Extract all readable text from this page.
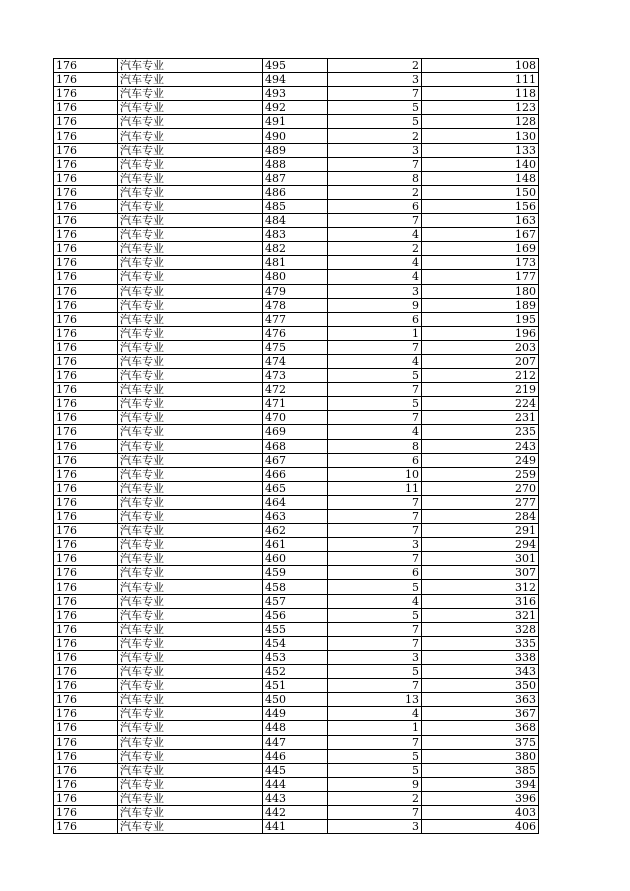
176	汽车专业	495	2	108
176	汽车专业	494	3	111
176	汽车专业	493	7	118
176	汽车专业	492	5	123
176	汽车专业	491	5	128
176	汽车专业	490	2	130
176	汽车专业	489	3	133
176	汽车专业	488	7	140
176	汽车专业	487	8	148
176	汽车专业	486	2	150
176	汽车专业	485	6	156
176	汽车专业	484	7	163
176	汽车专业	483	4	167
176	汽车专业	482	2	169
176	汽车专业	481	4	173
176	汽车专业	480	4	177
176	汽车专业	479	3	180
176	汽车专业	478	9	189
176	汽车专业	477	6	195
176	汽车专业	476	1	196
176	汽车专业	475	7	203
176	汽车专业	474	4	207
176	汽车专业	473	5	212
176	汽车专业	472	7	219
176	汽车专业	471	5	224
176	汽车专业	470	7	231
176	汽车专业	469	4	235
176	汽车专业	468	8	243
176	汽车专业	467	6	249
176	汽车专业	466	10	259
176	汽车专业	465	11	270
176	汽车专业	464	7	277
176	汽车专业	463	7	284
176	汽车专业	462	7	291
176	汽车专业	461	3	294
176	汽车专业	460	7	301
176	汽车专业	459	6	307
176	汽车专业	458	5	312
176	汽车专业	457	4	316
176	汽车专业	456	5	321
176	汽车专业	455	7	328
176	汽车专业	454	7	335
176	汽车专业	453	3	338
176	汽车专业	452	5	343
176	汽车专业	451	7	350
176	汽车专业	450	13	363
176	汽车专业	449	4	367
176	汽车专业	448	1	368
176	汽车专业	447	7	375
176	汽车专业	446	5	380
176	汽车专业	445	5	385
176	汽车专业	444	9	394
176	汽车专业	443	2	396
176	汽车专业	442	7	403
176	汽车专业	441	3	406
